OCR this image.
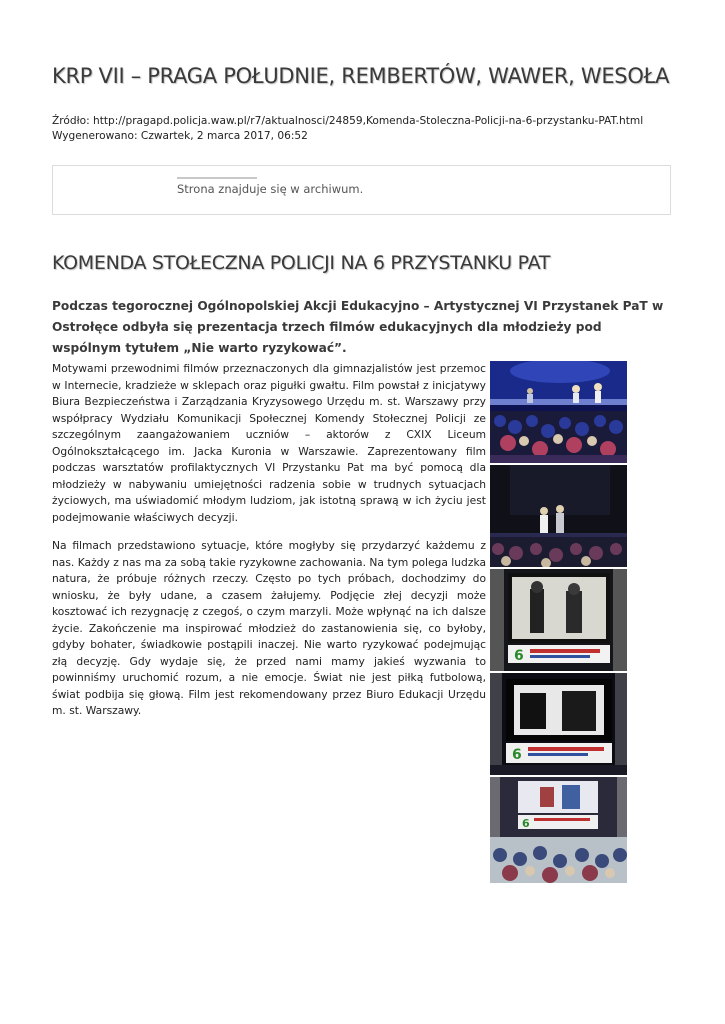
KRP VII – PRAGA POŁUDNIE, REMBERTÓW, WAWER, WESOŁA
Źródło: http://pragapd.policja.waw.pl/r7/aktualnosci/24859,Komenda-Stoleczna-Policji-na-6-przystanku-PAT.html
Wygenerowano: Czwartek, 2 marca 2017, 06:52
Strona znajduje się w archiwum.
KOMENDA STOŁECZNA POLICJI NA 6 PRZYSTANKU PAT

Podczas tegorocznej Ogólnopolskiej Akcji Edukacyjno – Artystycznej VI Przystanek PaT w Ostrołęce odbyła się prezentacja trzech filmów edukacyjnych dla młodzieży pod wspólnym tytułem „Nie warto ryzykować”.

Motywami przewodnimi filmów przeznaczonych dla gimnazjalistów jest przemoc w Internecie, kradzieże w sklepach oraz pigułki gwałtu. Film powstał z inicjatywy Biura Bezpieczeństwa i Zarządzania Kryzysowego Urzędu m. st. Warszawy przy współpracy Wydziału Komunikacji Społecznej Komendy Stołecznej Policji ze szczególnym zaangażowaniem uczniów – aktorów z CXIX Liceum Ogólnokształcącego im. Jacka Kuronia w Warszawie. Zaprezentowany film podczas warsztatów profilaktycznych VI Przystanku Pat ma być pomocą dla młodzieży w nabywaniu umiejętności radzenia sobie w trudnych sytuacjach życiowych, ma uświadomić młodym ludziom, jak istotną sprawą w ich życiu jest podejmowanie właściwych decyzji.

Na filmach przedstawiono sytuacje, które mogłyby się przydarzyć każdemu z nas. Każdy z nas ma za sobą takie ryzykowne zachowania. Na tym polega ludzka natura, że próbuje różnych rzeczy. Często po tych próbach, dochodzimy do wniosku, że były udane, a czasem żałujemy. Podjęcie złej decyzji może kosztować ich rezygnację z czegoś, o czym marzyli. Może wpłynąć na ich dalsze życie. Zakończenie ma inspirować młodzież do zastanowienia się, co byłoby, gdyby bohater, świadkowie postąpili inaczej. Nie warto ryzykować podejmując złą decyzję. Gdy wydaje się, że przed nami mamy jakieś wyzwania to powinniśmy uruchomić rozum, a nie emocje. Świat nie jest piłką futbolową, świat podbija się głową. Film jest rekomendowany przez Biuro Edukacji Urzędu m. st. Warszawy.

6
6
6
